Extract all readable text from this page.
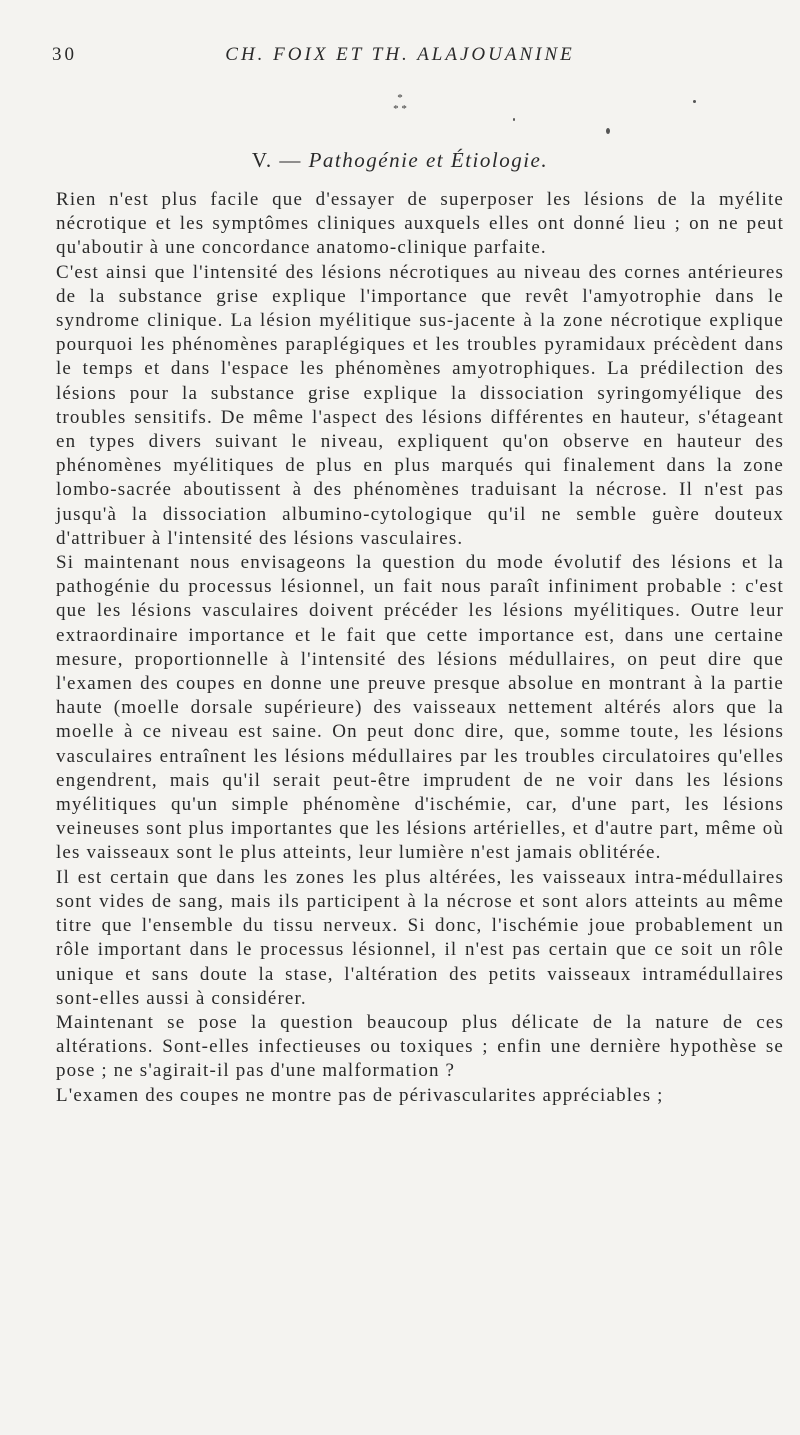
30	CH. FOIX ET TH. ALAJOUANINE
*
* *
V. — Pathogénie et Étiologie.

Rien n'est plus facile que d'essayer de superposer les lésions de la myélite nécrotique et les symptômes cliniques auxquels elles ont donné lieu ; on ne peut qu'aboutir à une concordance anatomo-clinique parfaite.

C'est ainsi que l'intensité des lésions nécrotiques au niveau des cornes antérieures de la substance grise explique l'importance que revêt l'amyotrophie dans le syndrome clinique. La lésion myélitique sus-jacente à la zone nécrotique explique pourquoi les phénomènes paraplégiques et les troubles pyramidaux précèdent dans le temps et dans l'espace les phénomènes amyotrophiques. La prédilection des lésions pour la substance grise explique la dissociation syringomyélique des troubles sensitifs. De même l'aspect des lésions différentes en hauteur, s'étageant en types divers suivant le niveau, expliquent qu'on observe en hauteur des phénomènes myélitiques de plus en plus marqués qui finalement dans la zone lombo-sacrée aboutissent à des phénomènes traduisant la nécrose. Il n'est pas jusqu'à la dissociation albumino-cytologique qu'il ne semble guère douteux d'attribuer à l'intensité des lésions vasculaires.

Si maintenant nous envisageons la question du mode évolutif des lésions et la pathogénie du processus lésionnel, un fait nous paraît infiniment probable : c'est que les lésions vasculaires doivent précéder les lésions myélitiques. Outre leur extraordinaire importance et le fait que cette importance est, dans une certaine mesure, proportionnelle à l'intensité des lésions médullaires, on peut dire que l'examen des coupes en donne une preuve presque absolue en montrant à la partie haute (moelle dorsale supérieure) des vaisseaux nettement altérés alors que la moelle à ce niveau est saine. On peut donc dire, que, somme toute, les lésions vasculaires entraînent les lésions médullaires par les troubles circulatoires qu'elles engendrent, mais qu'il serait peut-être imprudent de ne voir dans les lésions myélitiques qu'un simple phénomène d'ischémie, car, d'une part, les lésions veineuses sont plus importantes que les lésions artérielles, et d'autre part, même où les vaisseaux sont le plus atteints, leur lumière n'est jamais oblitérée.

Il est certain que dans les zones les plus altérées, les vaisseaux intra-médullaires sont vides de sang, mais ils participent à la nécrose et sont alors atteints au même titre que l'ensemble du tissu nerveux. Si donc, l'ischémie joue probablement un rôle important dans le processus lésionnel, il n'est pas certain que ce soit un rôle unique et sans doute la stase, l'altération des petits vaisseaux intramédullaires sont-elles aussi à considérer.

Maintenant se pose la question beaucoup plus délicate de la nature de ces altérations. Sont-elles infectieuses ou toxiques ; enfin une dernière hypothèse se pose ; ne s'agirait-il pas d'une malformation ?

L'examen des coupes ne montre pas de périvascularites appréciables ;
